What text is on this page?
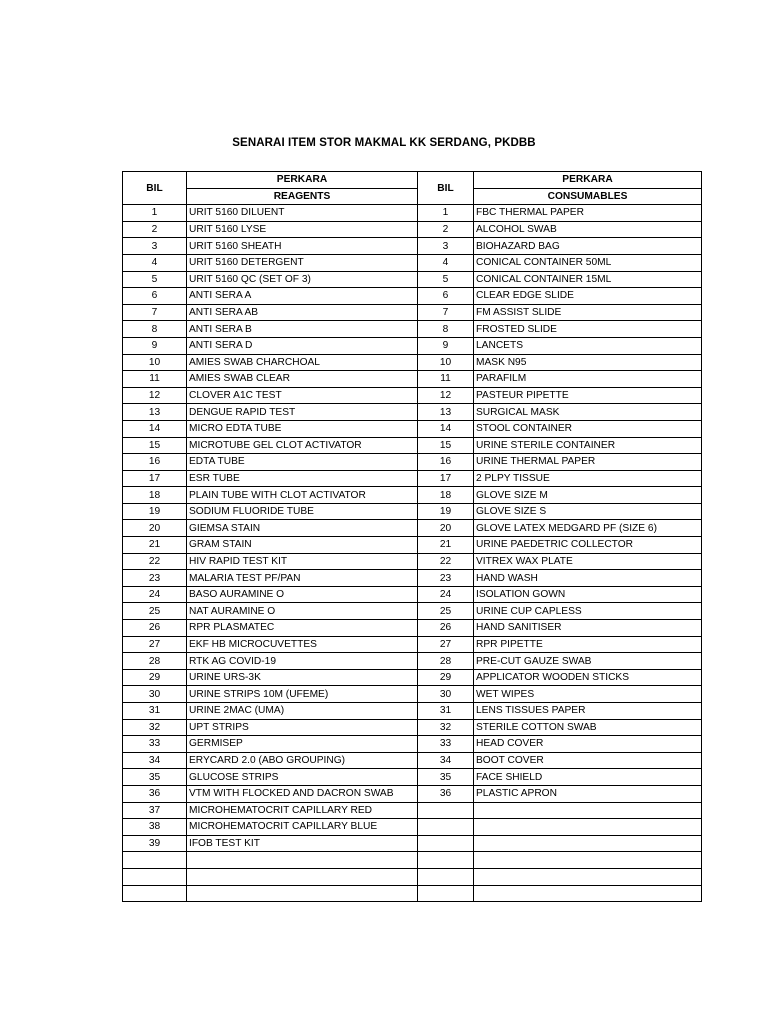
SENARAI ITEM STOR MAKMAL KK SERDANG, PKDBB
BIL	PERKARA	BIL	PERKARA
	REAGENTS		CONSUMABLES
1	URIT 5160 DILUENT	1	FBC THERMAL PAPER
2	URIT 5160 LYSE	2	ALCOHOL SWAB
3	URIT 5160 SHEATH	3	BIOHAZARD BAG
4	URIT 5160 DETERGENT	4	CONICAL CONTAINER 50ML
5	URIT 5160 QC (SET OF 3)	5	CONICAL CONTAINER 15ML
6	ANTI SERA A	6	CLEAR EDGE SLIDE
7	ANTI SERA AB	7	FM ASSIST SLIDE
8	ANTI SERA B	8	FROSTED SLIDE
9	ANTI SERA D	9	LANCETS
10	AMIES SWAB CHARCHOAL	10	MASK N95
11	AMIES SWAB CLEAR	11	PARAFILM
12	CLOVER A1C TEST	12	PASTEUR PIPETTE
13	DENGUE RAPID TEST	13	SURGICAL MASK
14	MICRO EDTA TUBE	14	STOOL CONTAINER
15	MICROTUBE GEL CLOT ACTIVATOR	15	URINE STERILE CONTAINER
16	EDTA TUBE	16	URINE THERMAL PAPER
17	ESR TUBE	17	2 PLPY TISSUE
18	PLAIN TUBE WITH CLOT ACTIVATOR	18	GLOVE SIZE M
19	SODIUM FLUORIDE TUBE	19	GLOVE SIZE S
20	GIEMSA STAIN	20	GLOVE LATEX MEDGARD PF (SIZE 6)
21	GRAM STAIN	21	URINE PAEDETRIC COLLECTOR
22	HIV RAPID TEST KIT	22	VITREX WAX PLATE
23	MALARIA TEST PF/PAN	23	HAND WASH
24	BASO AURAMINE O	24	ISOLATION GOWN
25	NAT AURAMINE O	25	URINE CUP CAPLESS
26	RPR PLASMATEC	26	HAND SANITISER
27	EKF HB MICROCUVETTES	27	RPR PIPETTE
28	RTK AG COVID-19	28	PRE-CUT GAUZE SWAB
29	URINE URS-3K	29	APPLICATOR WOODEN STICKS
30	URINE STRIPS 10M (UFEME)	30	WET WIPES
31	URINE 2MAC (UMA)	31	LENS TISSUES PAPER
32	UPT STRIPS	32	STERILE COTTON SWAB
33	GERMISEP	33	HEAD COVER
34	ERYCARD 2.0 (ABO GROUPING)	34	BOOT COVER
35	GLUCOSE STRIPS	35	FACE SHIELD
36	VTM WITH FLOCKED AND DACRON SWAB	36	PLASTIC APRON
37	MICROHEMATOCRIT CAPILLARY RED		
38	MICROHEMATOCRIT CAPILLARY BLUE		
39	IFOB TEST KIT		
